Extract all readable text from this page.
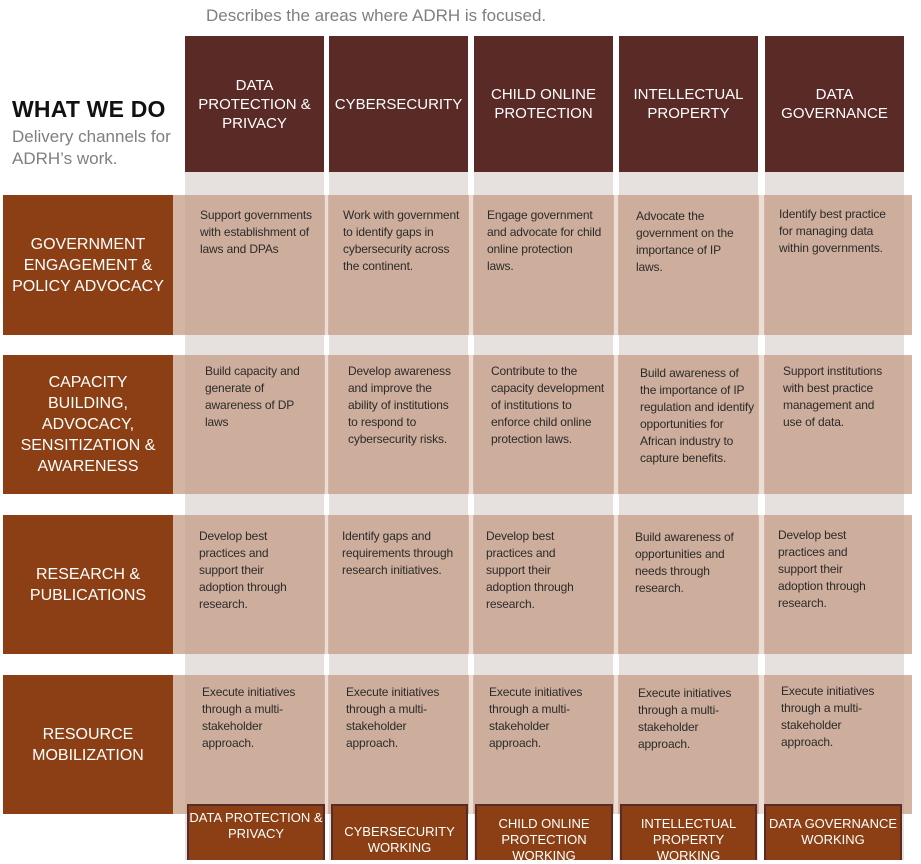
Describes the areas where ADRH is focused.
WHAT WE DO
Delivery channels for ADRH’s work.
DATA PROTECTION & PRIVACY
CYBERSECURITY
CHILD ONLINE PROTECTION
INTELLECTUAL PROPERTY
DATA GOVERNANCE
GOVERNMENT ENGAGEMENT & POLICY ADVOCACY
CAPACITY BUILDING, ADVOCACY, SENSITIZATION & AWARENESS
RESEARCH & PUBLICATIONS
RESOURCE MOBILIZATION
Support governments with establishment of laws and DPAs
Work with government to identify gaps in cybersecurity across the continent.
Engage government and advocate for child online protection laws.
Advocate the government on the importance of IP laws.
Identify best practice for managing data within governments.
Build capacity and generate of awareness of DP laws
Develop awareness and improve the ability of institutions to respond to cybersecurity risks.
Contribute to the capacity development of institutions to enforce child online protection laws.
Build awareness of the importance of IP regulation and identify opportunities for African industry to capture benefits.
Support institutions with best practice management and use of data.
Develop best practices and support their adoption through research.
Identify gaps and requirements through research initiatives.
Develop best practices and support their adoption through research.
Build awareness of opportunities and needs through research.
Develop best practices and support their adoption through research.
Execute initiatives through a multi-stakeholder approach.
Execute initiatives through a multi-stakeholder approach.
Execute initiatives through a multi-stakeholder approach.
Execute initiatives through a multi-stakeholder approach.
Execute initiatives through a multi-stakeholder approach.
DATA PROTECTION & PRIVACY	CYBERSECURITY WORKING
CHILD ONLINE PROTECTION WORKING
INTELLECTUAL PROPERTY WORKING
DATA GOVERNANCE WORKING
